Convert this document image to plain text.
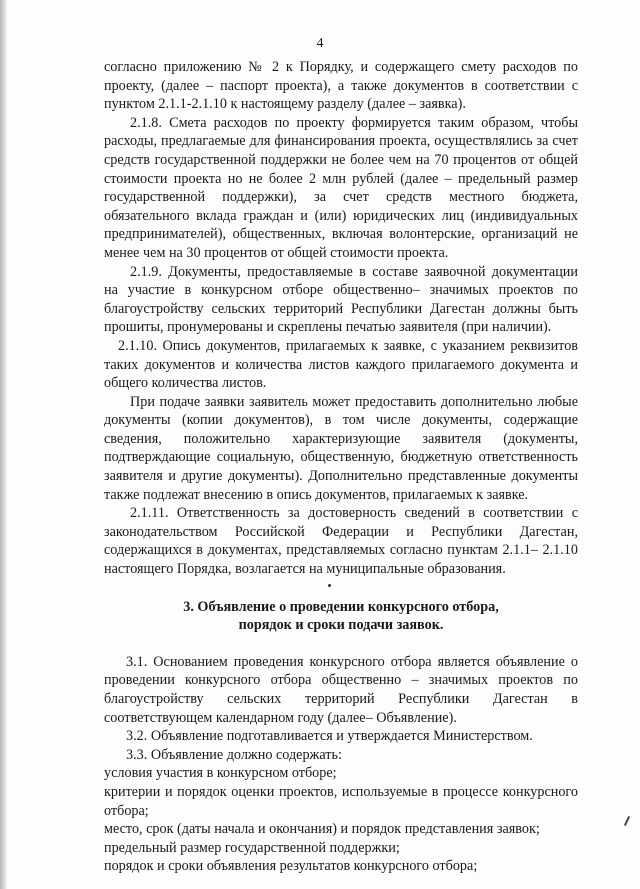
4

согласно приложению № 2 к Порядку, и содержащего смету расходов по проекту, (далее – паспорт проекта), а также документов в соответствии с пунктом 2.1.1-2.1.10 к настоящему разделу (далее – заявка).

2.1.8. Смета расходов по проекту формируется таким образом, чтобы расходы, предлагаемые для финансирования проекта, осуществлялись за счет средств государственной поддержки не более чем на 70 процентов от общей стоимости проекта но не более 2 млн рублей (далее – предельный размер государственной поддержки), за счет средств местного бюджета, обязательного вклада граждан и (или) юридических лиц (индивидуальных предпринимателей), общественных, включая волонтерские, организаций не менее чем на 30 процентов от общей стоимости проекта.

2.1.9. Документы, предоставляемые в составе заявочной документации на участие в конкурсном отборе общественно– значимых проектов по благоустройству сельских территорий Республики Дагестан должны быть прошиты, пронумерованы и скреплены печатью заявителя (при наличии).

2.1.10. Опись документов, прилагаемых к заявке, с указанием реквизитов таких документов и количества листов каждого прилагаемого документа и общего количества листов.

При подаче заявки заявитель может предоставить дополнительно любые документы (копии документов), в том числе документы, содержащие сведения, положительно характеризующие заявителя (документы, подтверждающие социальную, общественную, бюджетную ответственность заявителя и другие документы). Дополнительно представленные документы также подлежат внесению в опись документов, прилагаемых к заявке.

2.1.11. Ответственность за достоверность сведений в соответствии с законодательством Российской Федерации и Республики Дагестан, содержащихся в документах, представляемых согласно пунктам 2.1.1– 2.1.10 настоящего Порядка, возлагается на муниципальные образования.

3. Объявление о проведении конкурсного отбора,
порядок и сроки подачи заявок.

3.1. Основанием проведения конкурсного отбора является объявление о проведении конкурсного отбора общественно – значимых проектов по благоустройству сельских территорий Республики Дагестан в соответствующем календарном году (далее– Объявление).

3.2. Объявление подготавливается и утверждается Министерством.

3.3. Объявление должно содержать:

условия участия в конкурсном отборе;

критерии и порядок оценки проектов, используемые в процессе конкурсного отбора;

место, срок (даты начала и окончания) и порядок представления заявок;

предельный размер государственной поддержки;

порядок и сроки объявления результатов конкурсного отбора;
